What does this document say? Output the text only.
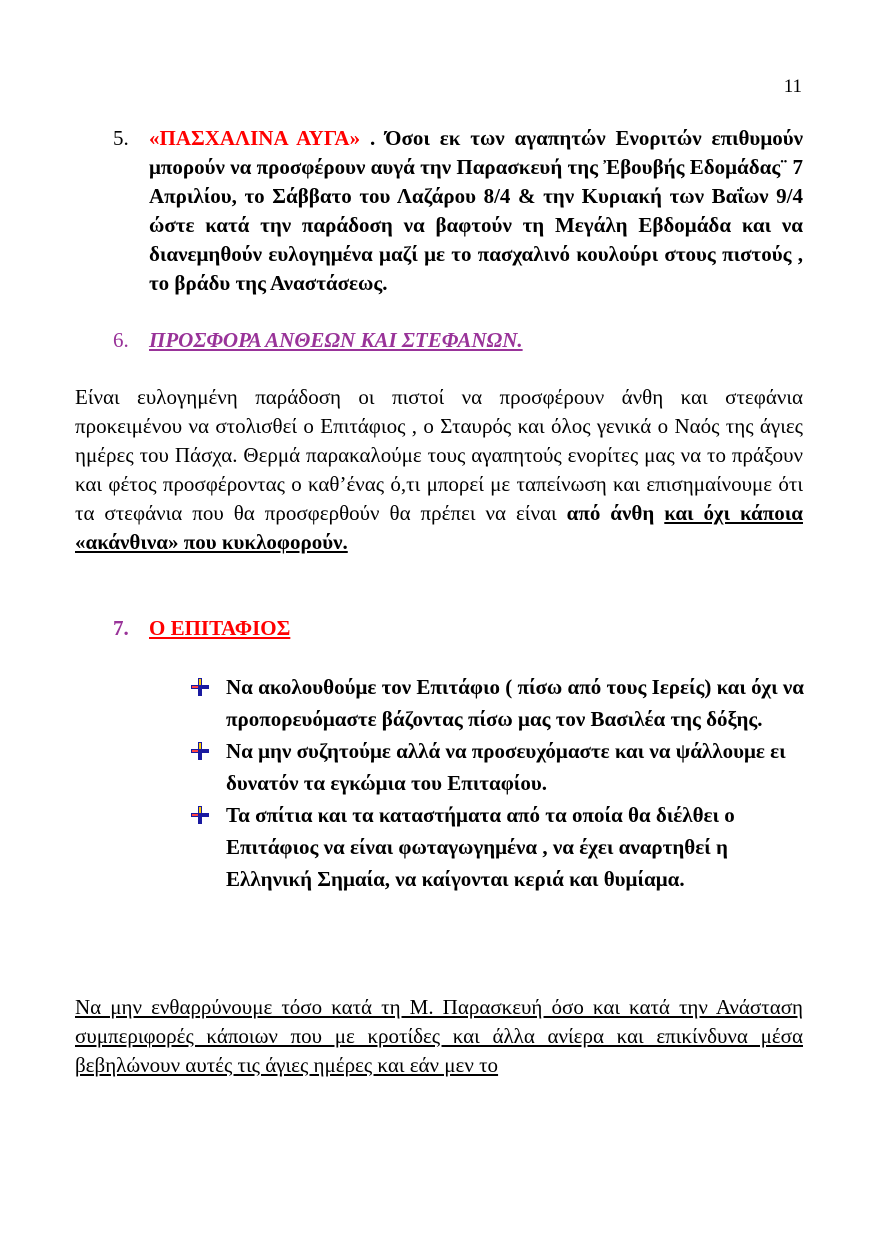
11
5. «ΠΑΣΧΑΛΙΝΑ ΑΥΓΑ» . Όσοι εκ των αγαπητών Ενοριτών επιθυμούν μπορούν να προσφέρουν αυγά την Παρασκευή της Ἐβουβής Εδομάδας¨ 7 Απριλίου, το Σάββατο του Λαζάρου 8/4 & την Κυριακή των Βαΐων 9/4 ώστε κατά την παράδοση να βαφτούν τη Μεγάλη Εβδομάδα και να διανεμηθούν ευλογημένα μαζί με το πασχαλινό κουλούρι στους πιστούς , το βράδυ της Αναστάσεως.
6. ΠΡΟΣΦΟΡΑ ΑΝΘΕΩΝ ΚΑΙ ΣΤΕΦΑΝΩΝ.
Είναι ευλογημένη παράδοση οι πιστοί να προσφέρουν άνθη και στεφάνια προκειμένου να στολισθεί ο Επιτάφιος , ο Σταυρός και όλος γενικά ο Ναός της άγιες ημέρες του Πάσχα. Θερμά παρακαλούμε τους αγαπητούς ενορίτες μας να το πράξουν και φέτος προσφέροντας ο καθ’ένας ό,τι μπορεί με ταπείνωση και επισημαίνουμε ότι τα στεφάνια που θα προσφερθούν θα πρέπει να είναι από άνθη και όχι κάποια «ακάνθινα» που κυκλοφορούν.
7. Ο ΕΠΙΤΑΦΙΟΣ
Να ακολουθούμε τον Επιτάφιο ( πίσω από τους Ιερείς) και όχι να προπορευόμαστε βάζοντας πίσω μας τον Βασιλέα της δόξης.
Να μην συζητούμε αλλά να προσευχόμαστε και να ψάλλουμε ει δυνατόν τα εγκώμια του Επιταφίου.
Τα σπίτια και τα καταστήματα από τα οποία θα διέλθει ο Επιτάφιος να είναι φωταγωγημένα , να έχει αναρτηθεί η Ελληνική Σημαία, να καίγονται κεριά και θυμίαμα.
Να μην ενθαρρύνουμε τόσο κατά τη Μ. Παρασκευή όσο και κατά την Ανάσταση συμπεριφορές κάποιων που με κροτίδες και άλλα ανίερα και επικίνδυνα μέσα βεβηλώνουν αυτές τις άγιες ημέρες και εάν μεν το
